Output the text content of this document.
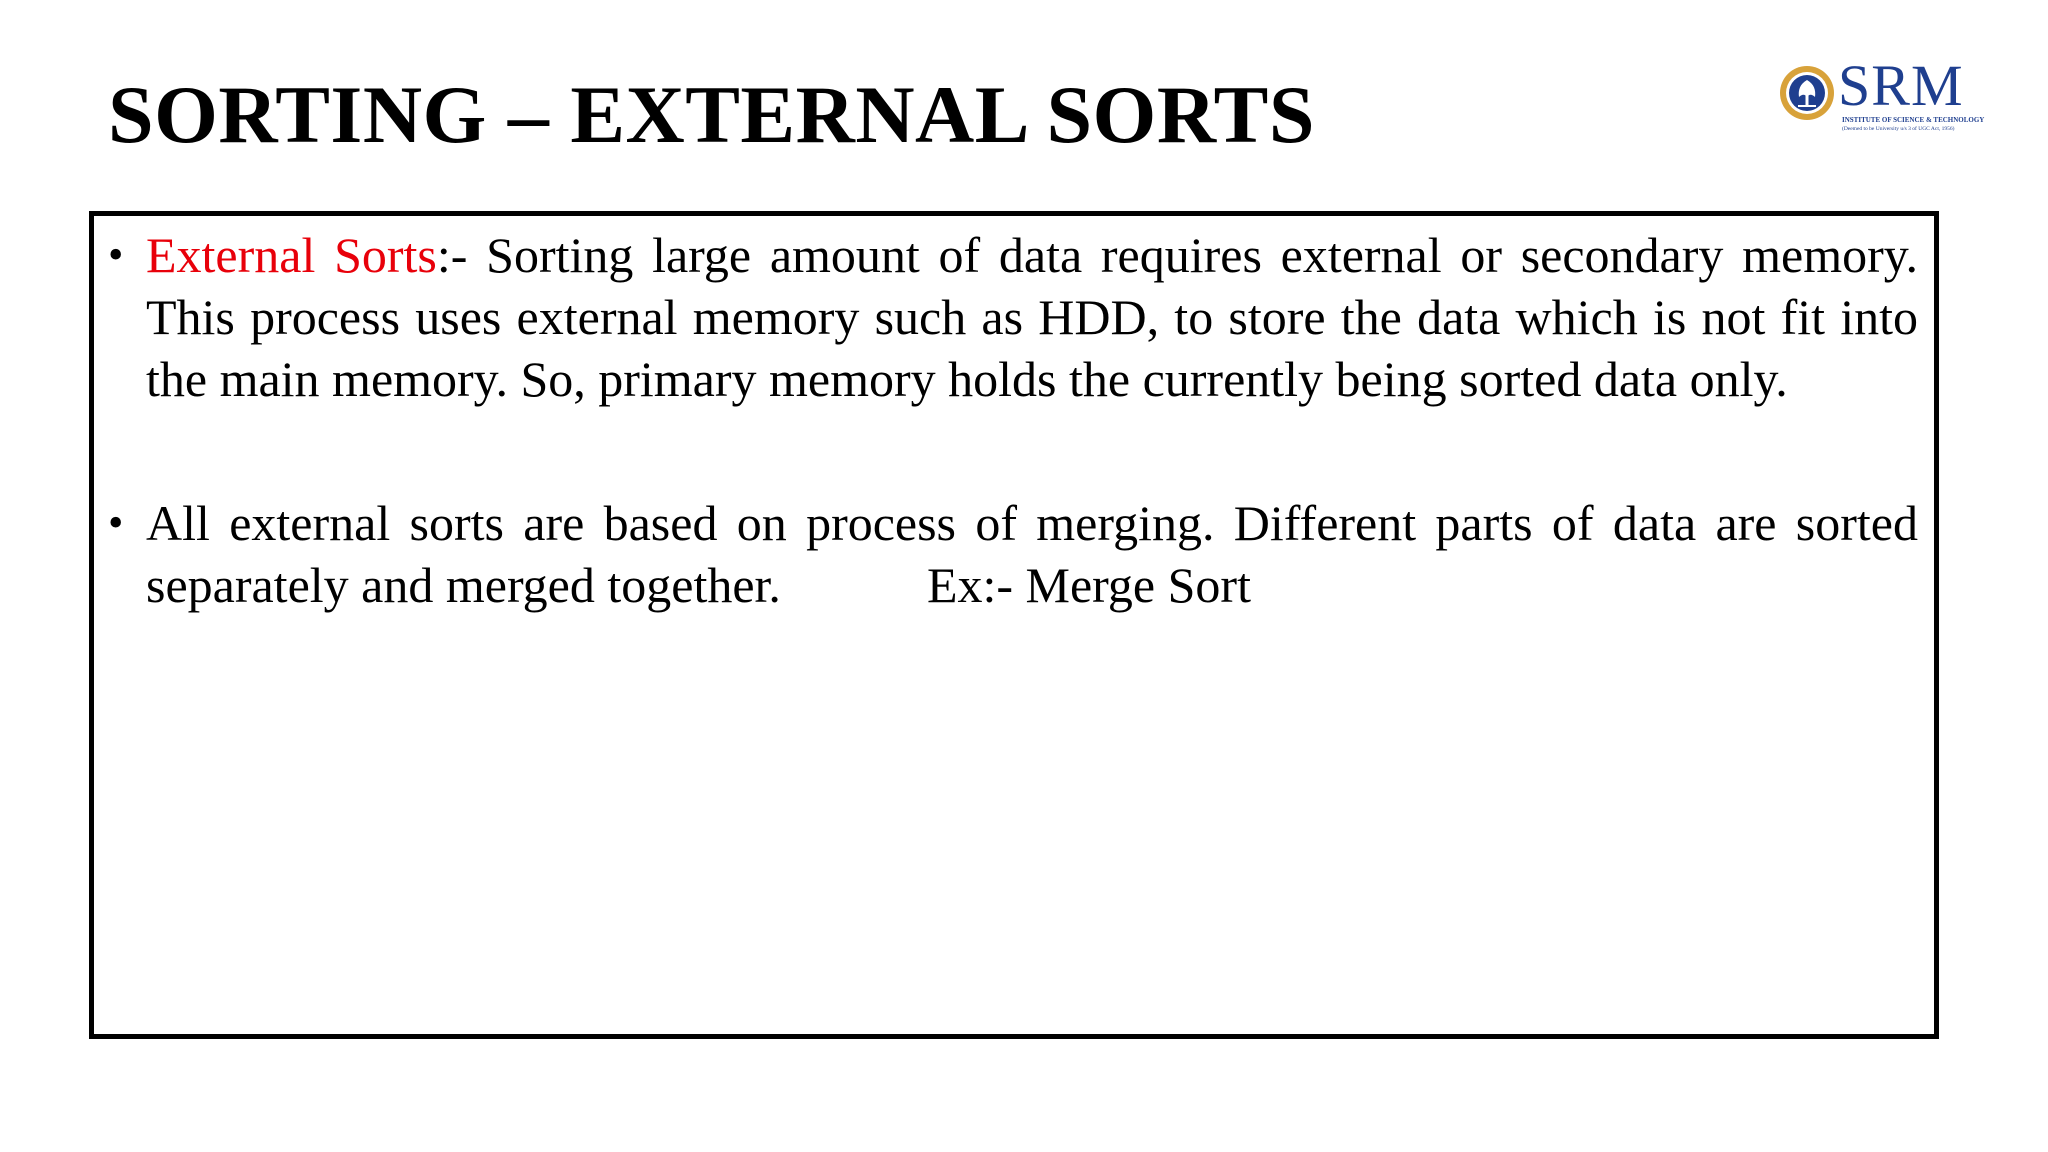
SORTING – EXTERNAL SORTS	SRM
INSTITUTE OF SCIENCE & TECHNOLOGY
(Deemed to be University u/s 3 of UGC Act, 1956)
• External Sorts:- Sorting large amount of data requires external or secondary memory. This process uses external memory such as HDD, to store the data which is not fit into the main memory. So, primary memory holds the currently being sorted data only.
• All external sorts are based on process of merging. Different parts of data are sorted separately and merged together.	Ex:- Merge Sort
